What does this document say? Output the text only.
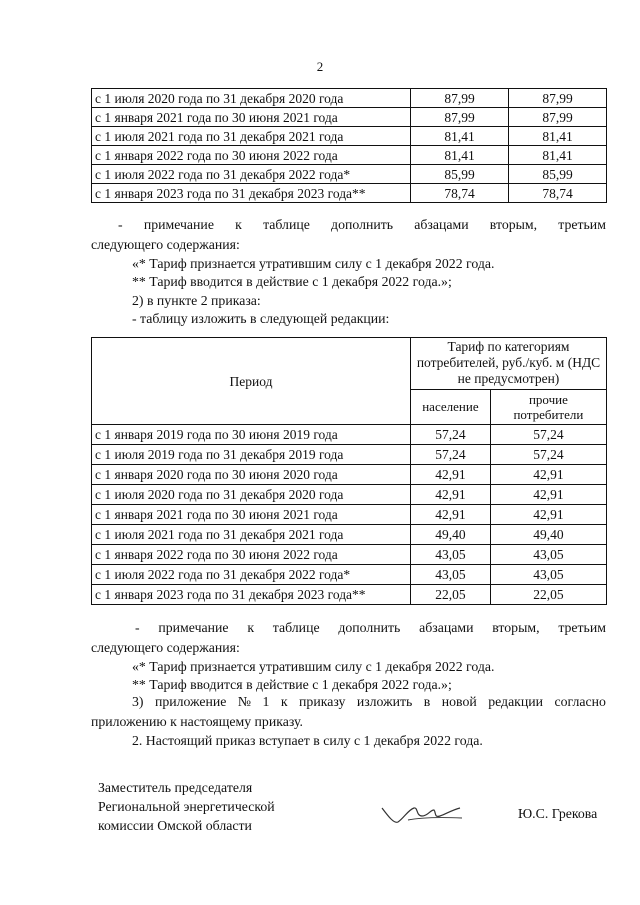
2
с 1 июля 2020 года по 31 декабря 2020 года	87,99	87,99
с 1 января 2021 года по 30 июня 2021 года	87,99	87,99
с 1 июля 2021 года по 31 декабря 2021 года	81,41	81,41
с 1 января 2022 года по 30 июня 2022 года	81,41	81,41
с 1 июля 2022 года по 31 декабря 2022 года*	85,99	85,99
с 1 января 2023 года по 31 декабря 2023 года**	78,74	78,74
- примечание к таблице дополнить абзацами вторым, третьим

следующего содержания:

«* Тариф признается утратившим силу с 1 декабря 2022 года.

** Тариф вводится в действие с 1 декабря 2022 года.»;

2) в пункте 2 приказа:

- таблицу изложить в следующей редакции:

Период	Тариф по категориям потребителей, руб./куб. м (НДС не предусмотрен)	
	население	прочие потребители
с 1 января 2019 года по 30 июня 2019 года	57,24	57,24
с 1 июля 2019 года по 31 декабря 2019 года	57,24	57,24
с 1 января 2020 года по 30 июня 2020 года	42,91	42,91
с 1 июля 2020 года по 31 декабря 2020 года	42,91	42,91
с 1 января 2021 года по 30 июня 2021 года	42,91	42,91
с 1 июля 2021 года по 31 декабря 2021 года	49,40	49,40
с 1 января 2022 года по 30 июня 2022 года	43,05	43,05
с 1 июля 2022 года по 31 декабря 2022 года*	43,05	43,05
с 1 января 2023 года по 31 декабря 2023 года**	22,05	22,05
- примечание к таблице дополнить абзацами вторым, третьим

следующего содержания:

«* Тариф признается утратившим силу с 1 декабря 2022 года.

** Тариф вводится в действие с 1 декабря 2022 года.»;

3) приложение № 1 к приказу изложить в новой редакции согласно

приложению к настоящему приказу.

2. Настоящий приказ вступает в силу с 1 декабря 2022 года.

Заместитель председателя
Региональной энергетической
комиссии Омской области
Ю.С. Грекова
